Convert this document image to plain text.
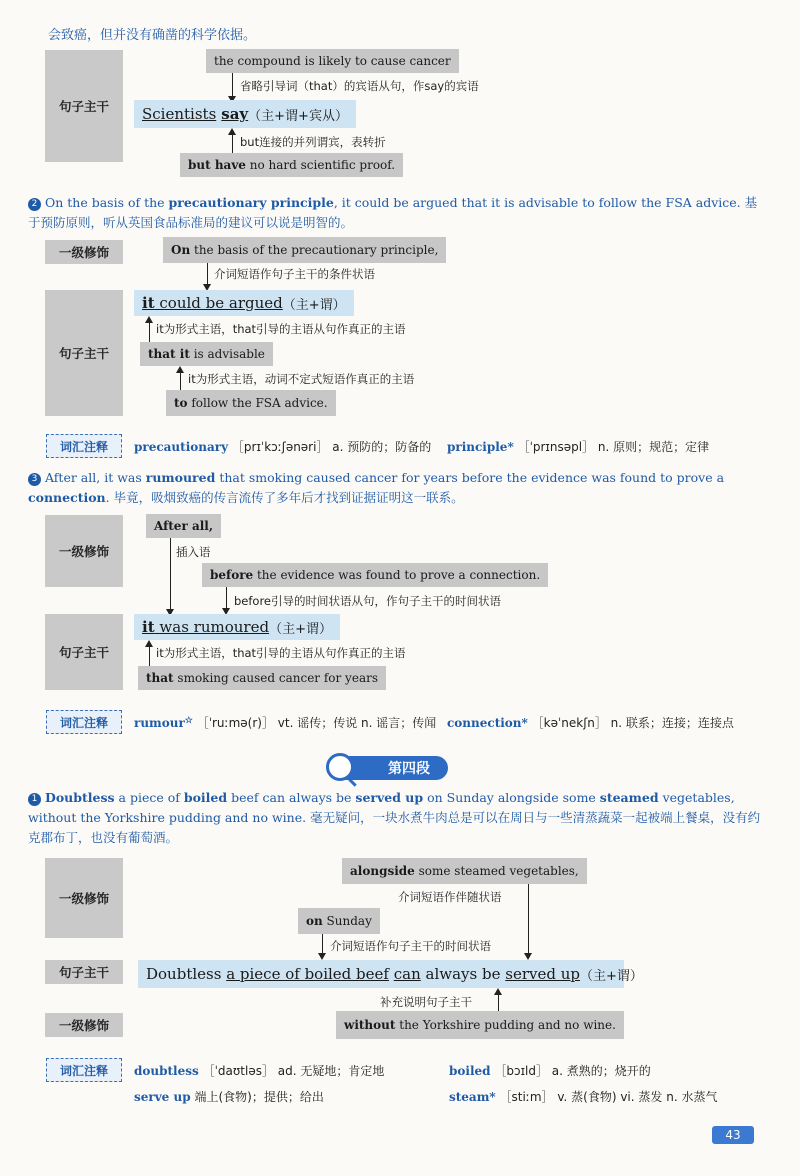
会致癌，但并没有确凿的科学依据。
句子主干
the compound is likely to cause cancer
省略引导词（that）的宾语从句，作say的宾语
Scientists say （主+谓+宾从）
but连接的并列谓宾，表转折
but have no hard scientific proof.
2 On the basis of the precautionary principle, it could be argued that it is advisable to follow the FSA advice. 基于预防原则，听从英国食品标准局的建议可以说是明智的。
一级修饰	On the basis of the precautionary principle,
介词短语作句子主干的条件状语
句子主干
it could be argued （主+谓）
it为形式主语，that引导的主语从句作真正的主语
that it is advisable
it为形式主语，动词不定式短语作真正的主语
to follow the FSA advice.
词汇注释	precautionary ［prɪˈkɔːʃənəri］ a. 预防的；防备的 principle* ［ˈprɪnsəpl］ n. 原则；规范；定律
3 After all, it was rumoured that smoking caused cancer for years before the evidence was found to prove a connection. 毕竟，吸烟致癌的传言流传了多年后才找到证据证明这一联系。
一级修饰
After all,
插入语
before the evidence was found to prove a connection.
before引导的时间状语从句，作句子主干的时间状语
句子主干
it was rumoured （主+谓）
it为形式主语，that引导的主语从句作真正的主语
that smoking caused cancer for years
词汇注释	rumour☆ ［ˈruːmə(r)］ vt. 谣传；传说 n. 谣言；传闻 connection* ［kəˈnekʃn］ n. 联系；连接；连接点
第四段
1 Doubtless a piece of boiled beef can always be served up on Sunday alongside some steamed vegetables, without the Yorkshire pudding and no wine. 毫无疑问，一块水煮牛肉总是可以在周日与一些清蒸蔬菜一起被端上餐桌，没有约克郡布丁，也没有葡萄酒。
一级修饰
alongside some steamed vegetables,
介词短语作伴随状语
on Sunday
介词短语作句子主干的时间状语
句子主干	Doubtless a piece of boiled beef
can always be served up （主+谓）
补充说明句子主干
一级修饰	without the Yorkshire pudding and no wine.
词汇注释	doubtless ［ˈdaʊtləs］ ad. 无疑地；肯定地	boiled ［bɔɪld］ a. 煮熟的；烧开的
serve up 端上(食物)；提供；给出	steam* ［stiːm］ v. 蒸(食物) vi. 蒸发 n. 水蒸气
43
